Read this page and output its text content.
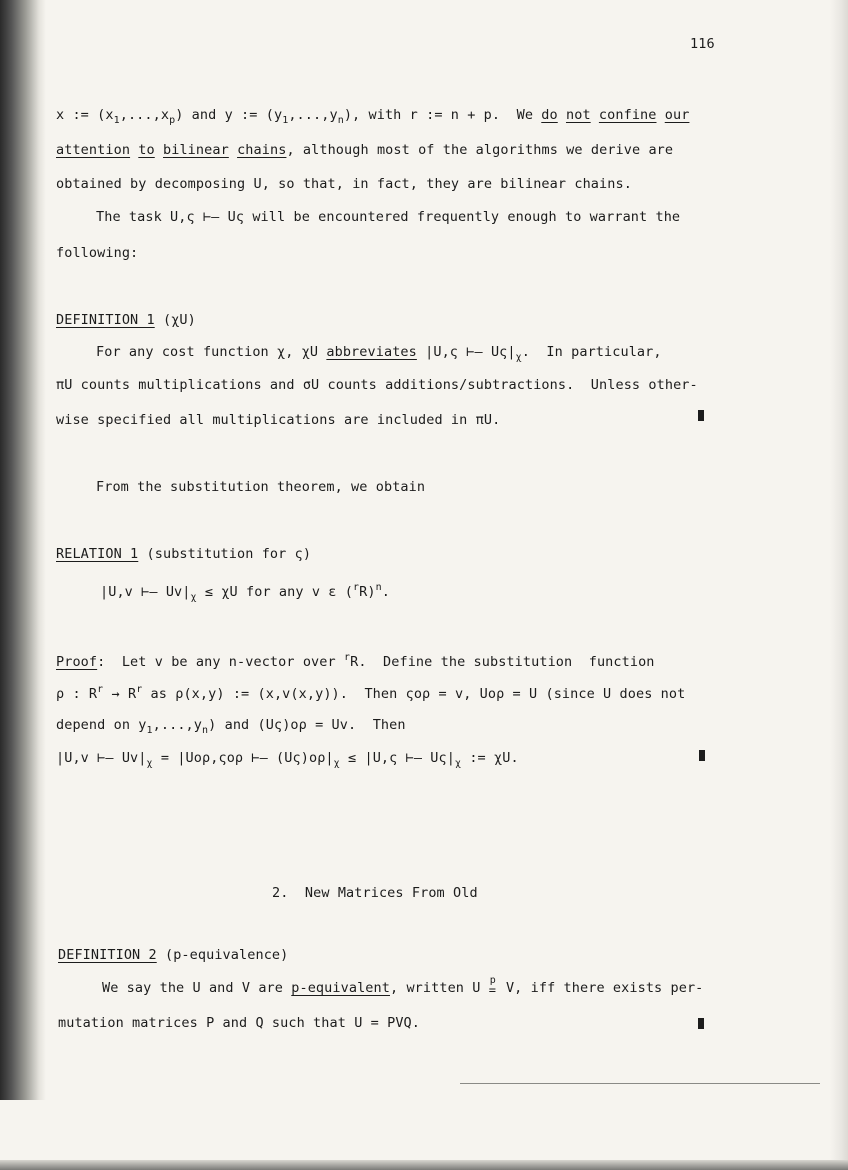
116
x := $(x_1,...,x_p)$ and y := $(y_1,...,y_n)$, with r := n + p.  We do not confine our
attention to bilinear chains, although most of the algorithms we derive are
obtained by decomposing U, so that, in fact, they are bilinear chains.
The task U,ς ⊢— Uς will be encountered frequently enough to warrant the
following:
DEFINITION 1 (χU)
For any cost function χ, χU abbreviates |U,ς ⊢— $U\varsigma|_\chi$.  In particular,
πU counts multiplications and σU counts additions/subtractions.  Unless other-
wise specified all multiplications are included in πU.
From the substitution theorem, we obtain
RELATION 1 (substitution for ς)
|U,v ⊢— $Uv|_\chi \le \chi U$ for any v ε $(^rR)^n$.
Proof:  Let v be any n-vector over $^r$R.  Define the substitution  function
ρ : $R^r \to R^r$ as ρ(x,y) := (x,v(x,y)).  Then ςoρ = v, Uoρ = U (since U does not
depend on $y_1,...,y_n$) and (Uς)oρ = Uv.  Then
|U,v ⊢— $Uv|_\chi = |Uo\rho,\varsigma o\rho$ ⊢— $(U\varsigma)o\rho|_\chi \le |U,\varsigma$ ⊢— $U\varsigma|_\chi$ := χU.
2.  New Matrices From Old
DEFINITION 2 (p-equivalence)
We say the U and V are p-equivalent, written U p
= V, iff there exists per-
mutation matrices P and Q such that U = PVQ.
